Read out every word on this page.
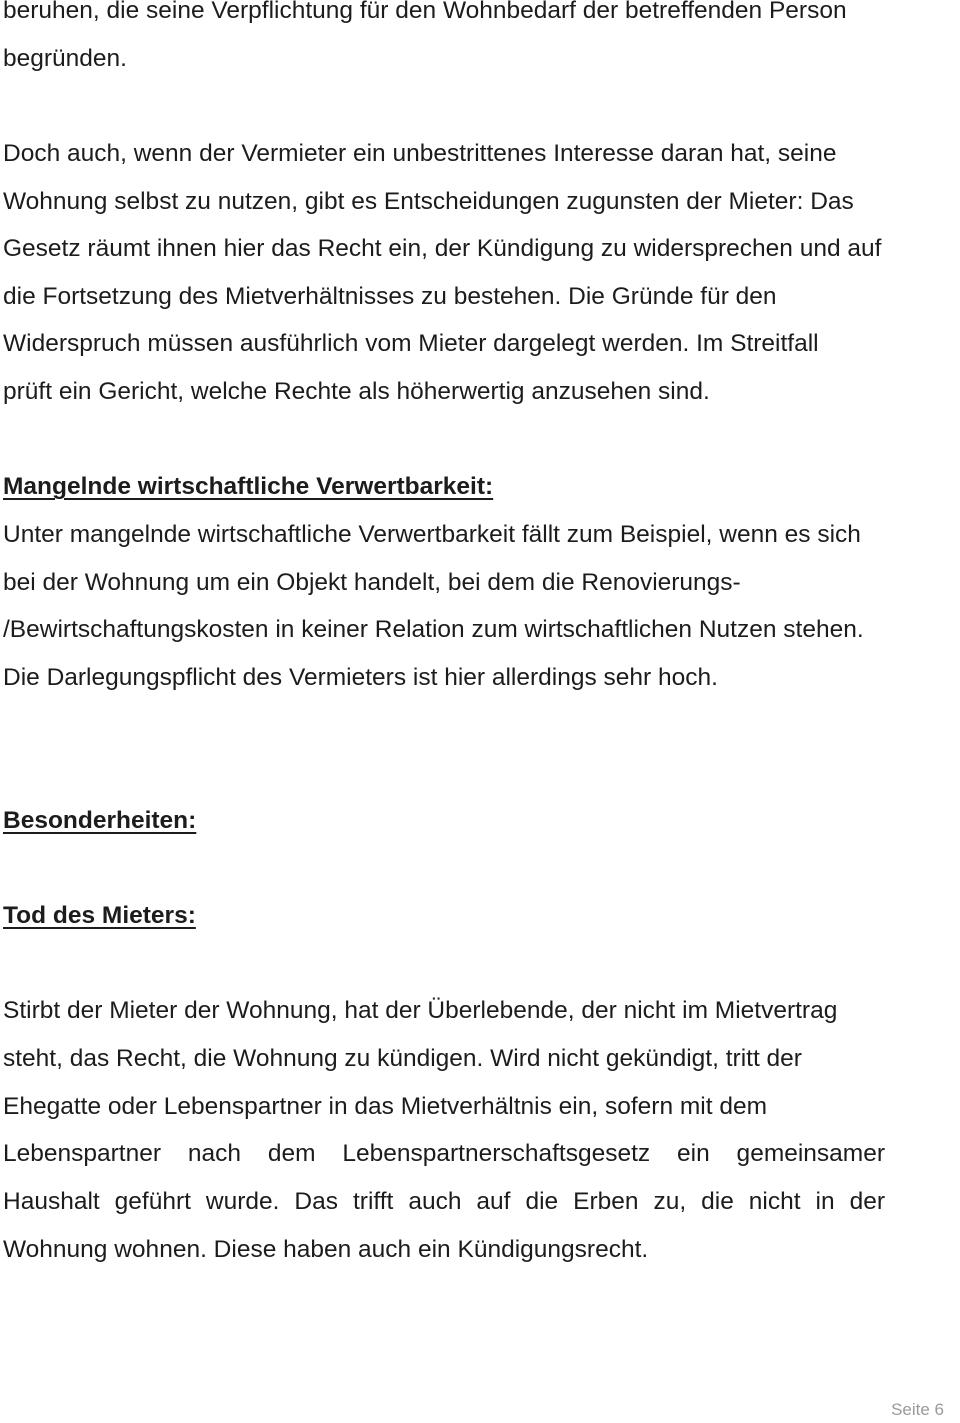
beruhen, die seine Verpflichtung für den Wohnbedarf der betreffenden Person
begründen.
Doch auch, wenn der Vermieter ein unbestrittenes Interesse daran hat, seine
Wohnung selbst zu nutzen, gibt es Entscheidungen zugunsten der Mieter: Das
Gesetz räumt ihnen hier das Recht ein, der Kündigung zu widersprechen und auf
die Fortsetzung des Mietverhältnisses zu bestehen. Die Gründe für den
Widerspruch müssen ausführlich vom Mieter dargelegt werden. Im Streitfall
prüft ein Gericht, welche Rechte als höherwertig anzusehen sind.
Mangelnde wirtschaftliche Verwertbarkeit:
Unter mangelnde wirtschaftliche Verwertbarkeit fällt zum Beispiel, wenn es sich
bei der Wohnung um ein Objekt handelt, bei dem die Renovierungs-
/Bewirtschaftungskosten in keiner Relation zum wirtschaftlichen Nutzen stehen.
Die Darlegungspflicht des Vermieters ist hier allerdings sehr hoch.
Besonderheiten:
Tod des Mieters:
Stirbt der Mieter der Wohnung, hat der Überlebende, der nicht im Mietvertrag
steht, das Recht, die Wohnung zu kündigen. Wird nicht gekündigt, tritt der
Ehegatte oder Lebenspartner in das Mietverhältnis ein, sofern mit dem
Lebenspartner nach dem Lebenspartnerschaftsgesetz ein gemeinsamer
Haushalt geführt wurde. Das trifft auch auf die Erben zu, die nicht in der
Wohnung wohnen. Diese haben auch ein Kündigungsrecht.
Seite 6
